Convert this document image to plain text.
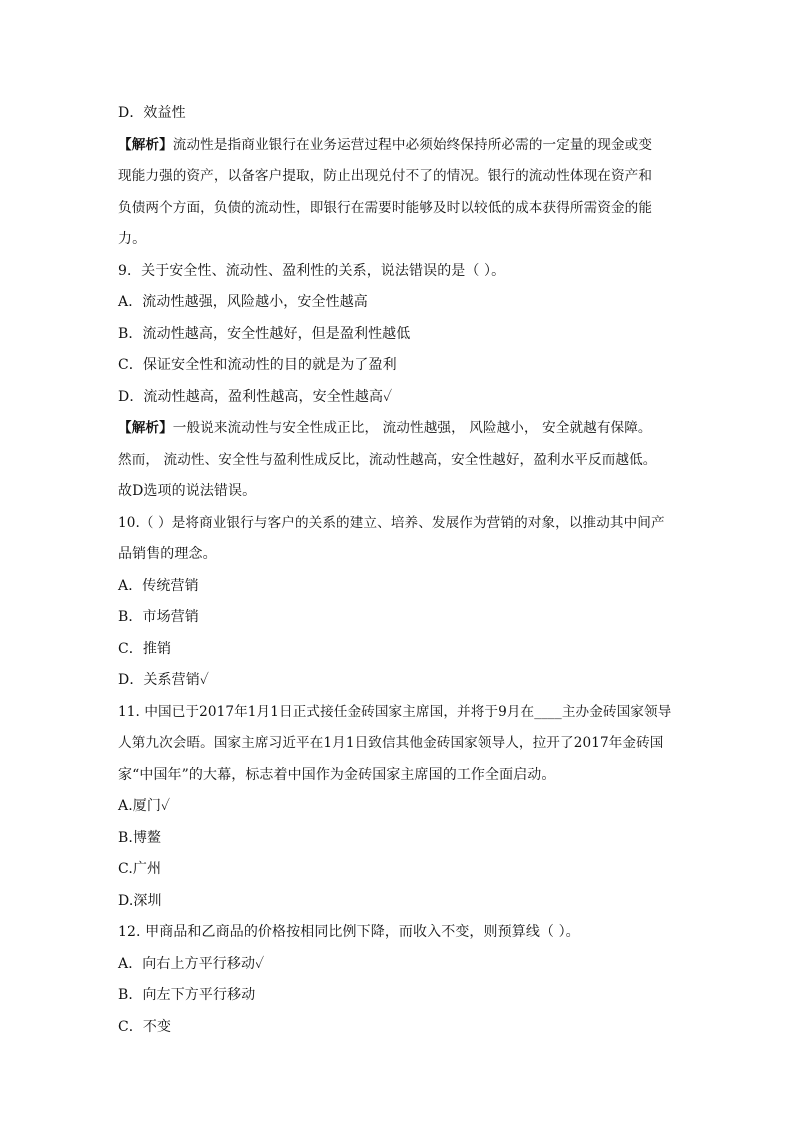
D．效益性

【解析】流动性是指商业银行在业务运营过程中必须始终保持所必需的一定量的现金或变

现能力强的资产，以备客户提取，防止出现兑付不了的情况。银行的流动性体现在资产和

负债两个方面，负债的流动性，即银行在需要时能够及时以较低的成本获得所需资金的能

力。

9．关于安全性、流动性、盈利性的关系，说法错误的是（ ）。

A．流动性越强，风险越小，安全性越高

B．流动性越高，安全性越好，但是盈利性越低

C．保证安全性和流动性的目的就是为了盈利

D．流动性越高，盈利性越高，安全性越高✓

【解析】一般说来流动性与安全性成正比， 流动性越强， 风险越小， 安全就越有保障。

然而， 流动性、安全性与盈利性成反比，流动性越高，安全性越好，盈利水平反而越低。

故D选项的说法错误。

10.（ ）是将商业银行与客户的关系的建立、培养、发展作为营销的对象，以推动其中间产

品销售的理念。

A．传统营销

B．市场营销

C．推销

D．关系营销✓

11. 中国已于2017年1月1日正式接任金砖国家主席国，并将于9月在____主办金砖国家领导

人第九次会晤。国家主席习近平在1月1日致信其他金砖国家领导人，拉开了2017年金砖国

家“中国年”的大幕，标志着中国作为金砖国家主席国的工作全面启动。

A.厦门✓

B.博鳌

C.广州

D.深圳

12. 甲商品和乙商品的价格按相同比例下降，而收入不变，则预算线（ ）。

A．向右上方平行移动✓

B．向左下方平行移动

C．不变
